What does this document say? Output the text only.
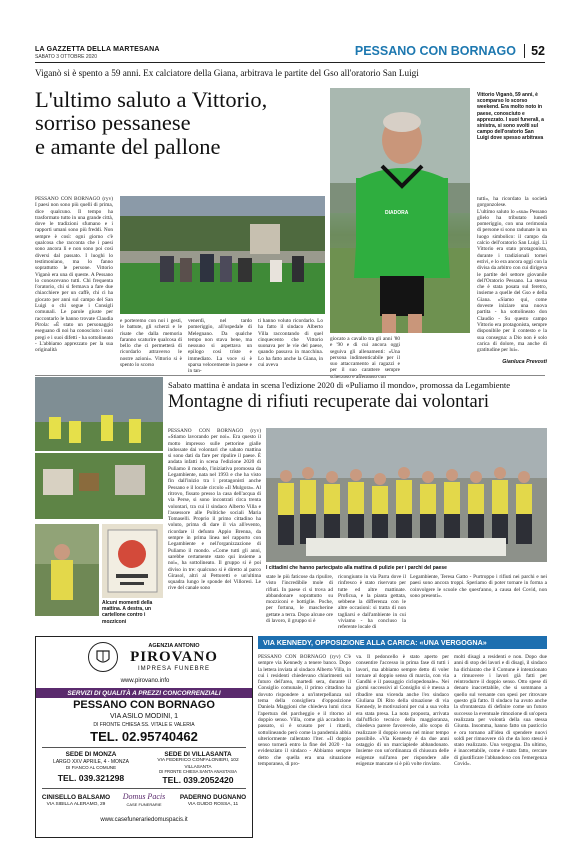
LA GAZZETTA DELLA MARTESANA
SABATO 3 OTTOBRE 2020	PESSANO CON BORNAGO	52
Viganò si è spento a 59 anni. Ex calciatore della Giana, arbitrava le partite del Gso all'oratorio San Luigi
L'ultimo saluto a Vittorio,
sorriso pessanese
e amante del pallone
DIADORA
Vittorio Viganò, 59 anni, è scomparso lo scorso weekend. Era molto noto in paese, conosciuto e apprezzato. I suoi funerali, a sinistra, si sono svolti sul campo dell'oratorio San Luigi dove spesso arbitrava
PESSANO CON BORNAGO (ryv) I paesi non sono più quelli di prima, dice qualcuno. Il tempo ha trasformato tutto in una grande città, dove le tradizioni sfumano e i rapporti umani sono più freddi. Non sempre è così: ogni giorno c'è qualcosa che racconta che i paesi sono ancora lì e non sono poi così diversi dal passato. I luoghi lo testimoniano, ma lo fanno soprattutto le persone. Vittorio Viganò era una di queste. A Pessano lo conoscevano tutti. Chi frequenta l'oratorio, chi si fermava a fare due chiacchiere per un caffè, chi ci ha giocato per anni sul campo del San Luigi o chi segue i Consigli comunali. Le parole giuste per raccontarlo le hanno trovate Claudia Pirola: «È stato un personaggio eseguano di noi ha conosciuto i suoi pregi e i suoi difetti - ha sottolineato - L'abbiamo apprezzato per la sua originalità
e porteremo con noi i gesti, le battute, gli scherzi e le risate che dalla memoria faranno scaturire qualcosa di bello che ci permetterà di ricordarlo attraverso le nostre azioni». Vittorio si è spento lo scorso
venerdì, nel tardo pomeriggio, all'ospedale di Melegnano. Da qualche tempo non stava bene, ma nessuno si aspettava un epilogo così triste e immediato. La voce si è sparsa velocemente in paese e in tan-
ti hanno voluto ricordarlo. Lo ha fatto il sindaco Alberto Villa raccontando di quel cinquecento che Vittorio suonava per le vie del paese, quando passava in macchina. Lo ha fatto anche la Giana, in cui aveva
giocato a cavallo tra gli anni '80 e '90 e di cui ancora oggi seguiva gli allenamenti: «Una persona indimenticabile per il suo attaccamento ai ragazzi e per il suo carattere sempre scherzoso e affettuoso con
tutti», ha ricordato la società gorgonzolese.
L'ultimo saluto lo «sua» Pessano glielo ha tributato lunedì pomeriggio, con una cerimonia di persone si sono radunate in un luogo simbolico: il campo da calcio dell'oratorio San Luigi. Lì Vittorio era stato protagonista, durante i tradizionali tornei estivi, e lo era ancora oggi con la divisa da arbitro con cui dirigeva le partite del settore giovanile dell'Oratorio Pessano. La stessa che è stata posata sul feretro, insieme a quelle del Gso e della Giana. «Siamo qui, come doveste iniziare una nuova partita - ha sottolineato don Claudio - Su questo campo Vittorio era protagonista, sempre disponibile per il contesto e la sua consegna: a Dio non è solo carica di dolore, ma anche di gratitudine per lui».
Gianluca Prevosti
Sabato mattina è andata in scena l'edizione 2020 di «Puliamo il mondo», promossa da Legambiente
Montagne di rifiuti recuperate dai volontari
PESSANO CON BORNAGO (ryv) «Stiamo lavorando per noi». Era questo il motto impresso sulle pettorine gialle indossate dai volontari che sabato mattina si sono dati da fare per ripulire il paese. È andata infatti in scena l'edizione 2020 di Puliamo il mondo, l'iniziativa promossa da Legambiente, nata nel 1993 e che ha visto fin dall'inizio tra i protagonisti anche Pessano e il locale circolo «Il Mulgora». Al ritrovo, fissato presso la casa dell'acqua di via Perse, si sono incontrati circa trenta volontari, tra cui il sindaco Alberto Villa e l'assessore alle Politiche sociali Maria Tomaselli. Proprio il primo cittadino ha voluto, prima di dare il via all'evento, ricordare il defunto Appio Brenna, da sempre in prima linea nel rapporto con Legambiente e nell'organizzazione di Puliamo il mondo. «Come tutti gli anni, sarebbe certamente stato qui insieme a noi», ha sottolineato. Il gruppo si è poi diviso in tre: qualcuno si è diretto al parco Girasol, altri al Pettoretti e un'ultima squadra lungo le sponde del Villoresi. Le rive del canale sono
I cittadini che hanno partecipato alla mattina di pulizie per i parchi del paese
state le più faticose da ripulire, visto l'incredibile mole di rifiuti. In paese ci si trova ad abbandonare soprattutto su mozziconi e bottiglie. Poche, per fortuna, le mascherine gettate a terra. Dopo alcune ore di lavoro, il gruppo si è
ricongiunto in via Parra dove il rinfresco è stato riservato per tutte ed altre mattinate. Proficua, e la pianta gettata, sebbene la differenza con le altre occasioni: si tratta di non tagliarsi e dall'ambiente in cui viviamo - ha concluso la referente locale di
Legambiente, Teresa Gatto - Purtroppo i rifiuti nei parchi e nei paesi sono ancora troppi. Speriamo di poter tornare in forma a coinvolgere le scuole che quest'anno, a causa del Covid, non sono presenti».
Alcuni momenti della mattina. A destra, un cartellone contro i mozziconi
AGENZIA ANTONIO
PIROVANO
IMPRESA FUNEBRE
www.pirovano.info
SERVIZI DI QUALITÀ A PREZZI CONCORRENZIALI
PESSANO CON BORNAGO
VIA ASILO MODINI, 1
DI FRONTE CHIESA SS. VITALE E VALERIA
TEL. 02.95740462
SEDE DI MONZA
LARGO XXV APRILE, 4 - MONZA
DI FIANCO AL COMUNE
TEL. 039.321298
SEDE DI VILLASANTA
VIA FEDERICO CONFALONIERI, 102
VILLASANTA
DI FRONTE CHIESA SANTA ANASTASIA
TEL. 039.2052420
CINISELLO BALSAMO
VIA SIBILLA ALERAMO, 29
Domus Pacis
CASE FUNERARIE
PADERNO DUGNANO
VIA GUIDO ROSSA, 11
www.casefunerariedomuspacis.it
VIA KENNEDY, OPPOSIZIONE ALLA CARICA: «UNA VERGOGNA»
PESSANO CON BORNAGO (ryv) C'è sempre via Kennedy a tenere banco. Dopo la lettera inviata al sindaco Alberto Villa, in cui i residenti chiedevano chiarimenti sul futuro dell'area, martedì sera, durante il Consiglio comunale, il primo cittadino ha dovuto rispondere a un'interpellanza sul tema della consigliera d'opposizione Daniela Maggioni che chiedeva lumi circa l'apertura del parcheggio e il ritorno al doppio senso. Villa, come già accaduto in passato, si è scusato per i ritardi, sottolineando però come la pandemia abbia ulteriormente rallentato l'iter. «Il doppio senso tornerà entro la fine del 2020 - ha evidenziato il sindaco - Abbiamo sempre detto che quella era una situazione temporanea, di pro-
va. Il pedoncello è stato aperto per consentire l'accesso in prima fase di tutti i lavori, ma abbiamo sempre detto di voler tornare al doppio senso di marcia, con via Gandhi e il passaggio ciclopedonale». Nei giorni successivi al Consiglio si è messa a ribadire una vicenda anche l'ex sindaco Giuliana Di Rito della situazione di via Kennedy, le motivazioni per cui a sua volta era stata presa. La nota proposta, arrivata dall'ufficio tecnico della maggioranza, chiedeva parere favorevole, allo scopo di realizzare il doppio senso nel minor tempo possibile. «Via Kennedy è da due anni ostaggio di un marciapiede abbandonato. Insieme con un'ordinanza di chiusura delle esigenze sull'area per rispondere alle esigenze mancate si è più volte rinviato.
molti disagi a residenti e non. Dopo due anni di stop dei lavori e di disagi, il sindaco ha dichiarato che il Comune è intenzionato a rimuovere i lavori già fatti per reintrodurre il doppio senso. Otto spese di denaro inaccettabile, che si sommano a quello sul versante con spesi per ritrovare questo già fatto. Il sindaco ha avuto anche la sfrontatezza di definire come un futuro successo la eventuale rimozione di un'opera realizzata per volontà della sua stessa Giunta. Insomma, hanno fatto un pasticcio e ora tornano all'idea di spendere nuovi soldi per rimuovere ciò che da loro stessi è stato realizzato. Una vergogna. Da ultimo, è inaccettabile, come è stato fatto, cercare di giustificare l'abbandono con l'emergenza Covid».
